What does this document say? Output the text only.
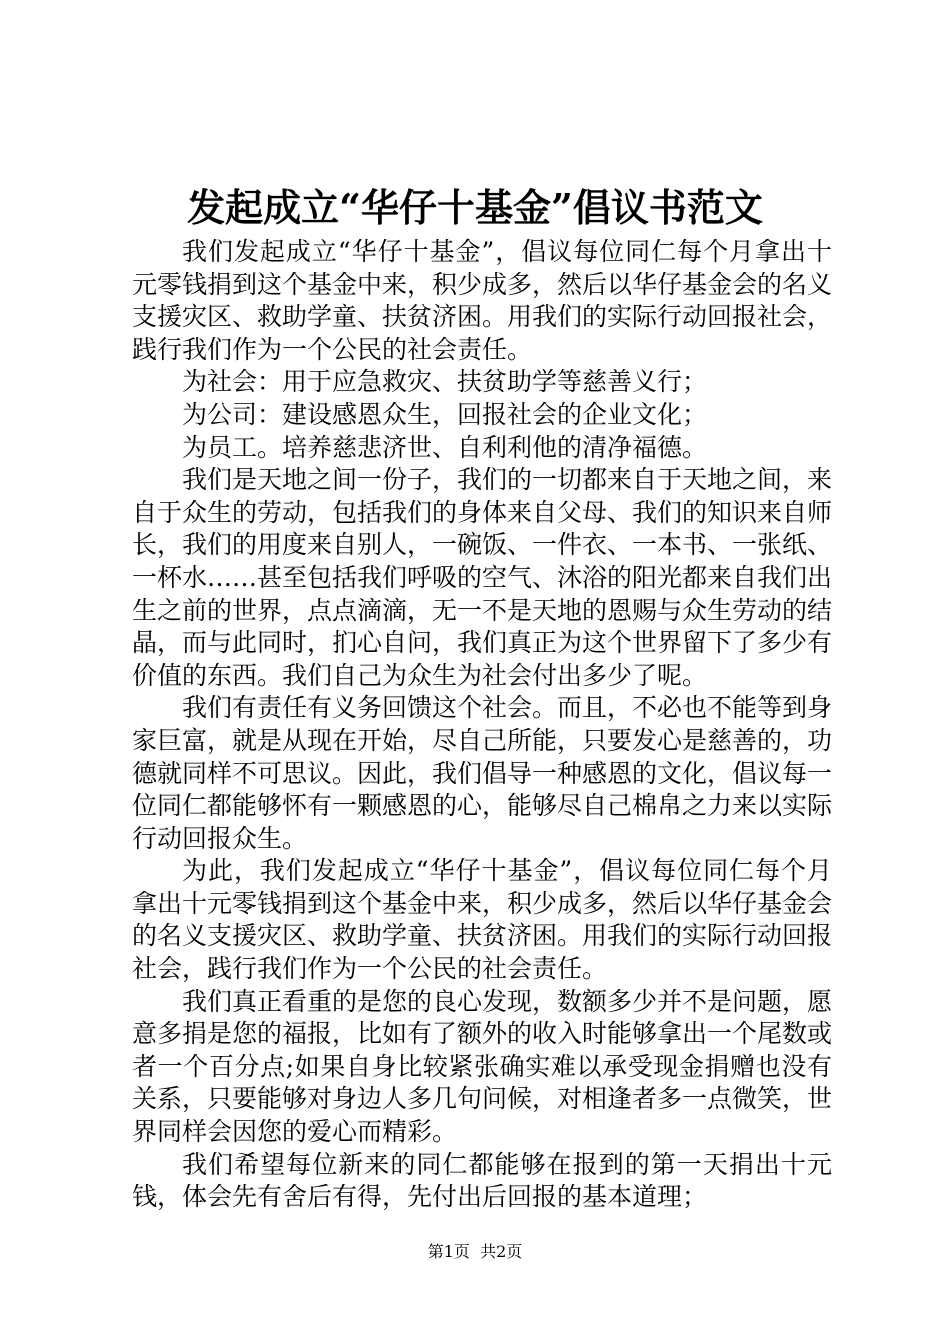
发起成立“华仔十基金”倡议书范文

我们发起成立“华仔十基金”，倡议每位同仁每个月拿出十元零钱捐到这个基金中来，积少成多，然后以华仔基金会的名义支援灾区、救助学童、扶贫济困。用我们的实际行动回报社会，践行我们作为一个公民的社会责任。

为社会：用于应急救灾、扶贫助学等慈善义行；

为公司：建设感恩众生，回报社会的企业文化；

为员工。培养慈悲济世、自利利他的清净福德。

我们是天地之间一份子，我们的一切都来自于天地之间，来自于众生的劳动，包括我们的身体来自父母、我们的知识来自师长，我们的用度来自别人，一碗饭、一件衣、一本书、一张纸、一杯水……甚至包括我们呼吸的空气、沐浴的阳光都来自我们出生之前的世界，点点滴滴，无一不是天地的恩赐与众生劳动的结晶，而与此同时，扪心自问，我们真正为这个世界留下了多少有价值的东西。我们自己为众生为社会付出多少了呢。

我们有责任有义务回馈这个社会。而且，不必也不能等到身家巨富，就是从现在开始，尽自己所能，只要发心是慈善的，功德就同样不可思议。因此，我们倡导一种感恩的文化，倡议每一位同仁都能够怀有一颗感恩的心，能够尽自己棉帛之力来以实际行动回报众生。

为此，我们发起成立“华仔十基金”，倡议每位同仁每个月拿出十元零钱捐到这个基金中来，积少成多，然后以华仔基金会的名义支援灾区、救助学童、扶贫济困。用我们的实际行动回报社会，践行我们作为一个公民的社会责任。

我们真正看重的是您的良心发现，数额多少并不是问题，愿意多捐是您的福报，比如有了额外的收入时能够拿出一个尾数或者一个百分点;如果自身比较紧张确实难以承受现金捐赠也没有关系，只要能够对身边人多几句问候，对相逢者多一点微笑，世界同样会因您的爱心而精彩。

我们希望每位新来的同仁都能够在报到的第一天捐出十元钱，体会先有舍后有得，先付出后回报的基本道理；

第1页 共2页
